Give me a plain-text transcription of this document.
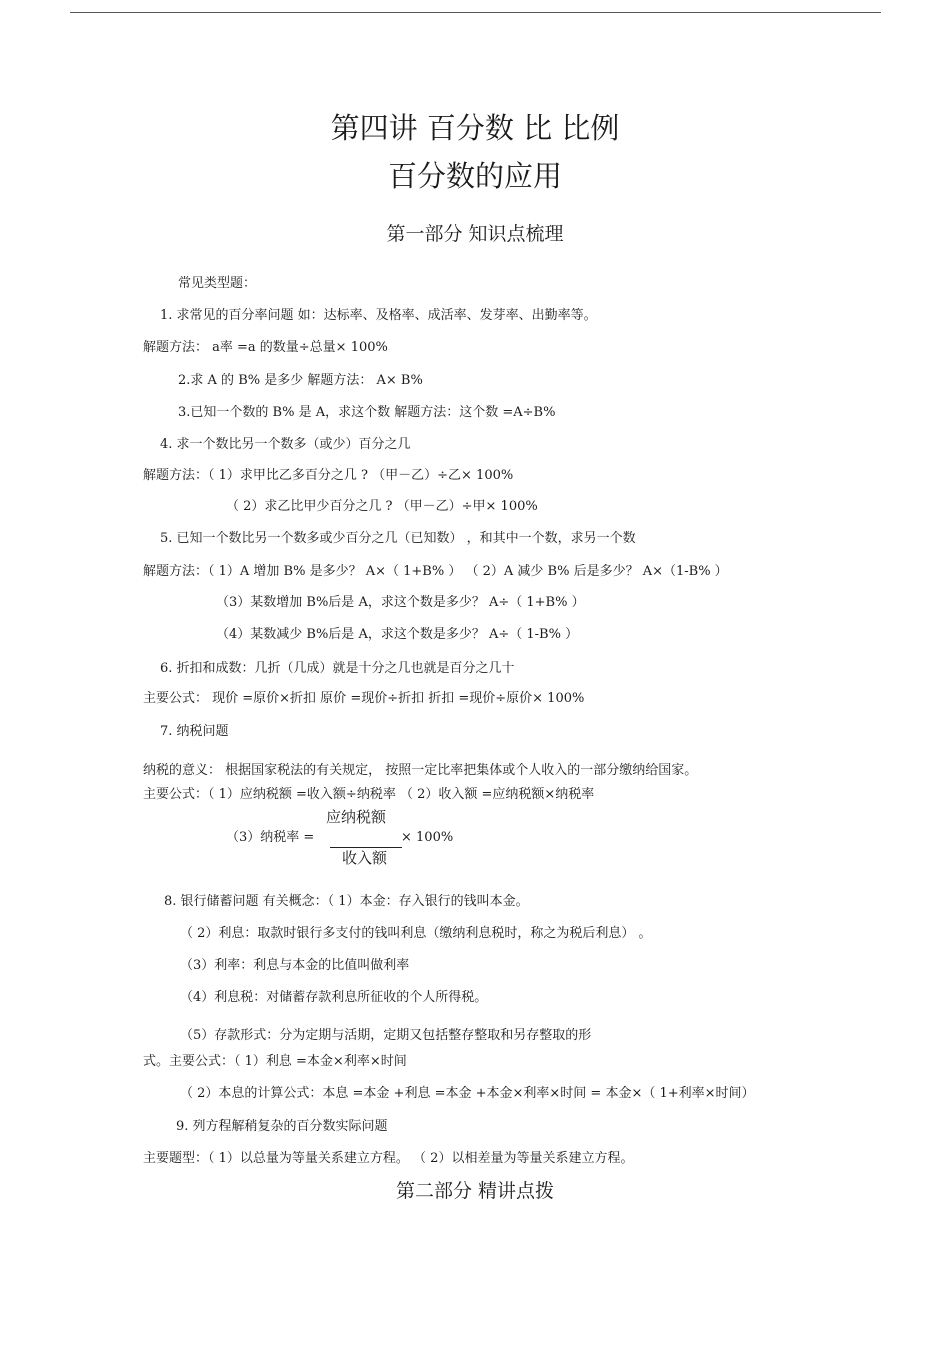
第四讲 百分数 比 比例
百分数的应用
第一部分 知识点梳理
常见类型题：
1. 求常见的百分率问题 如：达标率、及格率、成活率、发芽率、出勤率等。
解题方法： a率 =a 的数量÷总量× 100%
2.求 A 的 B% 是多少 解题方法： A× B%
3.已知一个数的 B% 是 A，求这个数 解题方法：这个数 =A÷B%
4. 求一个数比另一个数多（或少）百分之几
解题方法：（ 1）求甲比乙多百分之几 ? （甲－乙）÷乙× 100%
（ 2）求乙比甲少百分之几 ? （甲－乙）÷甲× 100%
5. 已知一个数比另一个数多或少百分之几（已知数） ，和其中一个数，求另一个数
解题方法：（ 1）A 增加 B% 是多少？ A×（ 1+B% ） （ 2）A 减少 B% 后是多少？ A×（1-B% ）
（3）某数增加 B%后是 A，求这个数是多少？ A÷（ 1+B% ）
（4）某数减少 B%后是 A，求这个数是多少？ A÷（ 1-B% ）
6. 折扣和成数：几折（几成）就是十分之几也就是百分之几十
主要公式： 现价 =原价×折扣 原价 =现价÷折扣 折扣 =现价÷原价× 100%
7. 纳税问题
纳税的意义： 根据国家税法的有关规定， 按照一定比率把集体或个人收入的一部分缴纳给国家。
主要公式：（ 1）应纳税额 =收入额÷纳税率 （ 2）收入额 =应纳税额×纳税率
（3）纳税率 =
应纳税额
收入额
× 100%
8. 银行储蓄问题 有关概念：（ 1）本金：存入银行的钱叫本金。
（ 2）利息：取款时银行多支付的钱叫利息（缴纳利息税时，称之为税后利息） 。
（3）利率：利息与本金的比值叫做利率
（4）利息税：对储蓄存款利息所征收的个人所得税。
（5）存款形式：分为定期与活期，定期又包括整存整取和另存整取的形
式。主要公式：（ 1）利息 =本金×利率×时间
（ 2）本息的计算公式：本息 =本金 +利息 =本金 +本金×利率×时间 = 本金×（ 1+利率×时间）
9. 列方程解稍复杂的百分数实际问题
主要题型：（ 1）以总量为等量关系建立方程。 （ 2）以相差量为等量关系建立方程。
第二部分 精讲点拨
